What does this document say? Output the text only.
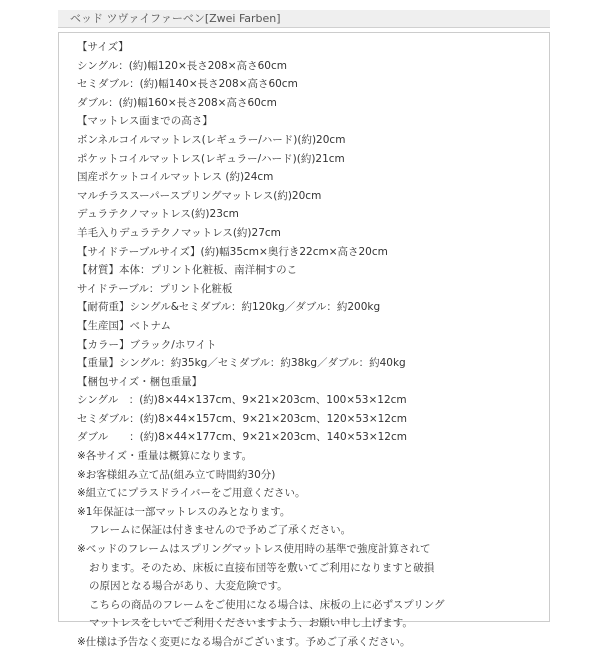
ベッド ツヴァイファーベン[Zwei Farben]
【サイズ】
シングル：(約)幅120×長さ208×高さ60cm
セミダブル：(約)幅140×長さ208×高さ60cm
ダブル：(約)幅160×長さ208×高さ60cm
【マットレス面までの高さ】
ボンネルコイルマットレス(レギュラー/ハード)(約)20cm
ポケットコイルマットレス(レギュラー/ハード)(約)21cm
国産ポケットコイルマットレス (約)24cm
マルチラススーパースプリングマットレス(約)20cm
デュラテクノマットレス(約)23cm
羊毛入りデュラテクノマットレス(約)27cm
【サイドテーブルサイズ】(約)幅35cm×奥行き22cm×高さ20cm
【材質】本体：プリント化粧板、南洋桐すのこ
サイドテーブル：プリント化粧板
【耐荷重】シングル&セミダブル：約120kg／ダブル：約200kg
【生産国】ベトナム
【カラー】ブラック/ホワイト
【重量】シングル：約35kg／セミダブル：約38kg／ダブル：約40kg
【梱包サイズ・梱包重量】
シングル　：(約)8×44×137cm、9×21×203cm、100×53×12cm
セミダブル：(約)8×44×157cm、9×21×203cm、120×53×12cm
ダブル　　：(約)8×44×177cm、9×21×203cm、140×53×12cm
※各サイズ・重量は概算になります。
※お客様組み立て品(組み立て時間約30分)
※組立てにプラスドライバーをご用意ください。
※1年保証は一部マットレスのみとなります。
フレームに保証は付きませんので予めご了承ください。
※ベッドのフレームはスプリングマットレス使用時の基準で強度計算されて
おります。そのため、床板に直接布団等を敷いてご利用になりますと破損
の原因となる場合があり、大変危険です。
こちらの商品のフレームをご使用になる場合は、床板の上に必ずスプリング
マットレスをしいてご利用くださいますよう、お願い申し上げます。
※仕様は予告なく変更になる場合がございます。予めご了承ください。
